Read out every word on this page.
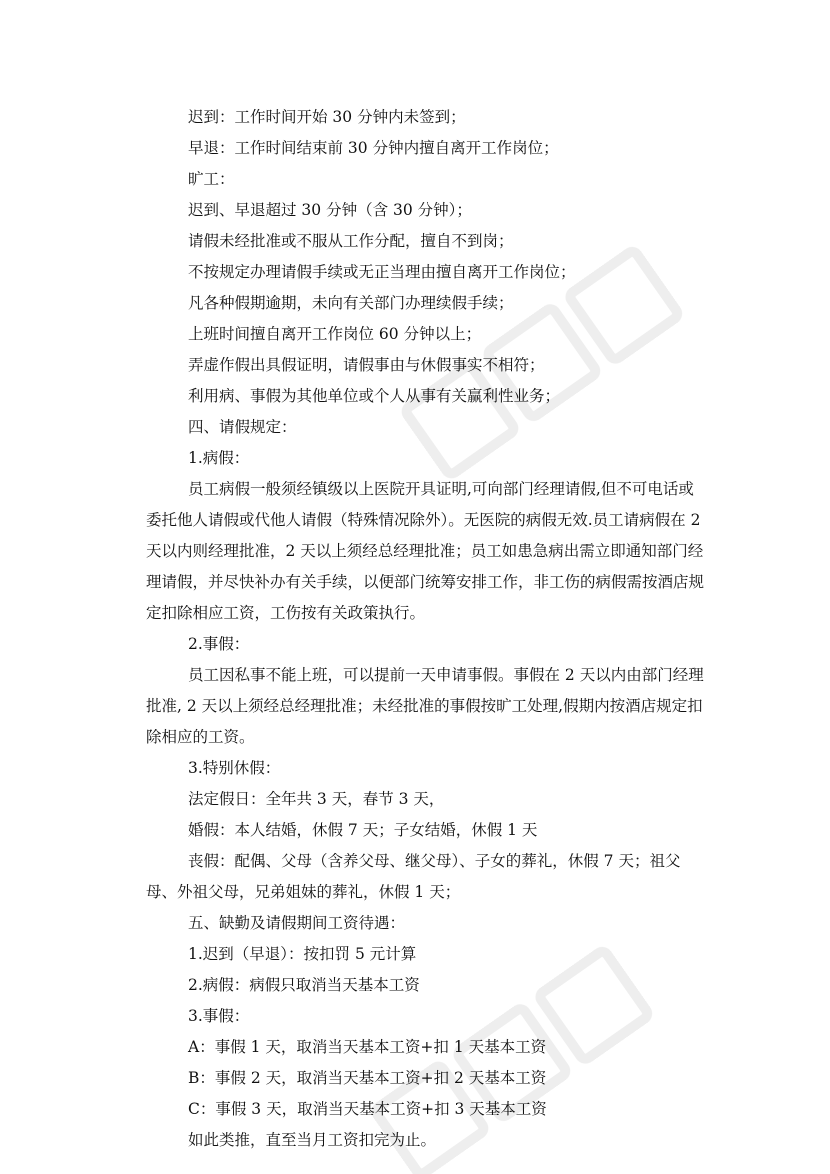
迟到：工作时间开始 30 分钟内未签到；

早退：工作时间结束前 30 分钟内擅自离开工作岗位；

旷工：

迟到、早退超过 30 分钟（含 30 分钟）；

请假未经批准或不服从工作分配，擅自不到岗；

不按规定办理请假手续或无正当理由擅自离开工作岗位；

凡各种假期逾期，未向有关部门办理续假手续；

上班时间擅自离开工作岗位 60 分钟以上；

弄虚作假出具假证明，请假事由与休假事实不相符；

利用病、事假为其他单位或个人从事有关赢利性业务；

四、请假规定：

1.病假：

员工病假一般须经镇级以上医院开具证明,可向部门经理请假,但不可电话或委托他人请假或代他人请假（特殊情况除外）。无医院的病假无效.员工请病假在 2 天以内则经理批准，2 天以上须经总经理批准；员工如患急病出需立即通知部门经理请假，并尽快补办有关手续，以便部门统筹安排工作，非工伤的病假需按酒店规定扣除相应工资，工伤按有关政策执行。

2.事假：

员工因私事不能上班，可以提前一天申请事假。事假在 2 天以内由部门经理批准, 2 天以上须经总经理批准；未经批准的事假按旷工处理,假期内按酒店规定扣除相应的工资。

3.特别休假：

法定假日：全年共 3 天，春节 3 天，

婚假：本人结婚，休假 7 天；子女结婚，休假 1 天

丧假：配偶、父母（含养父母、继父母）、子女的葬礼，休假 7 天；祖父母、外祖父母，兄弟姐妹的葬礼，休假 1 天；

五、缺勤及请假期间工资待遇：

1.迟到（早退）：按扣罚 5 元计算

2.病假：病假只取消当天基本工资

3.事假：

A：事假 1 天，取消当天基本工资+扣 1 天基本工资

B：事假 2 天，取消当天基本工资+扣 2 天基本工资

C：事假 3 天，取消当天基本工资+扣 3 天基本工资

如此类推，直至当月工资扣完为止。
